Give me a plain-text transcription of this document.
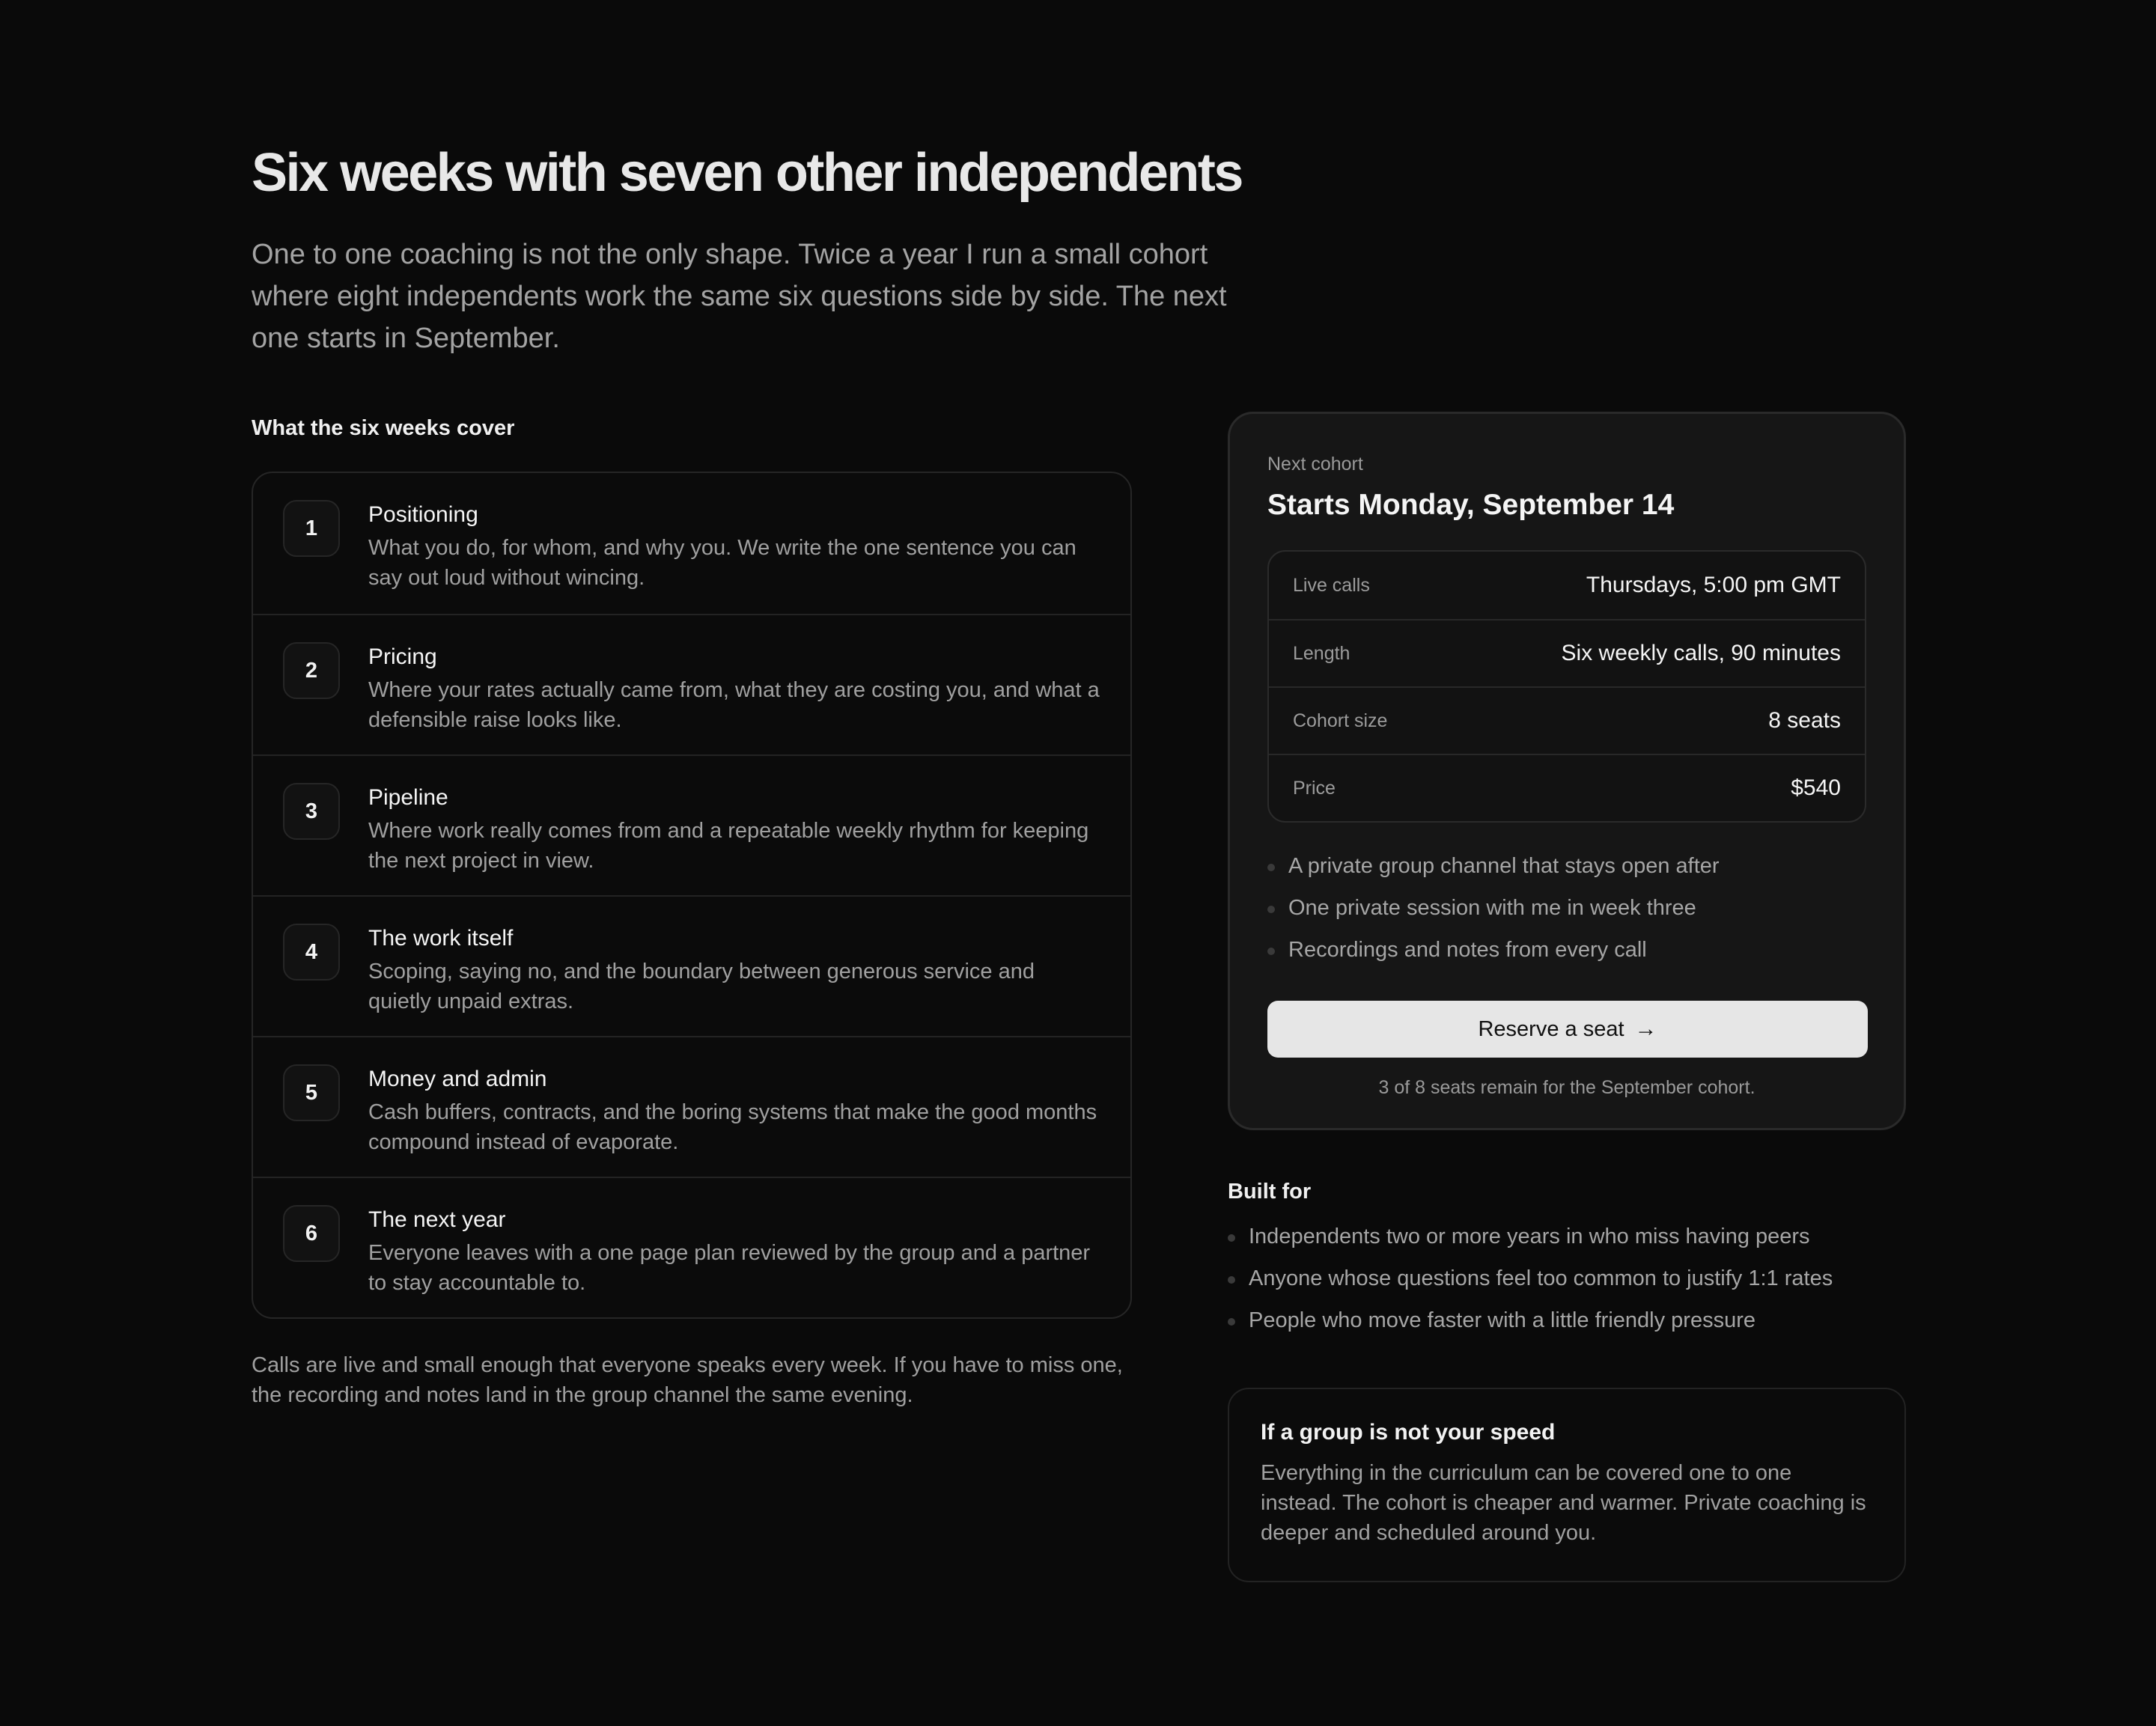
Six weeks with seven other independents

One to one coaching is not the only shape. Twice a year I run a small cohort where eight independents work the same six questions side by side. The next one starts in September.

What the six weeks cover
1
Positioning
What you do, for whom, and why you. We write the one sentence you can say out loud without wincing.
2
Pricing
Where your rates actually came from, what they are costing you, and what a defensible raise looks like.
3
Pipeline
Where work really comes from and a repeatable weekly rhythm for keeping the next project in view.
4
The work itself
Scoping, saying no, and the boundary between generous service and quietly unpaid extras.
5
Money and admin
Cash buffers, contracts, and the boring systems that make the good months compound instead of evaporate.
6
The next year
Everyone leaves with a one page plan reviewed by the group and a partner to stay accountable to.

Calls are live and small enough that everyone speaks every week. If you have to miss one, the recording and notes land in the group channel the same evening.

Next cohort
Starts Monday, September 14
Live calls	Thursdays, 5:00 pm GMT
Length	Six weekly calls, 90 minutes
Cohort size	8 seats
Price	$540
A private group channel that stays open after
One private session with me in week three
Recordings and notes from every call
Reserve a seat →
3 of 8 seats remain for the September cohort.
Built for
Independents two or more years in who miss having peers
Anyone whose questions feel too common to justify 1:1 rates
People who move faster with a little friendly pressure
If a group is not your speed
Everything in the curriculum can be covered one to one instead. The cohort is cheaper and warmer. Private coaching is deeper and scheduled around you.
